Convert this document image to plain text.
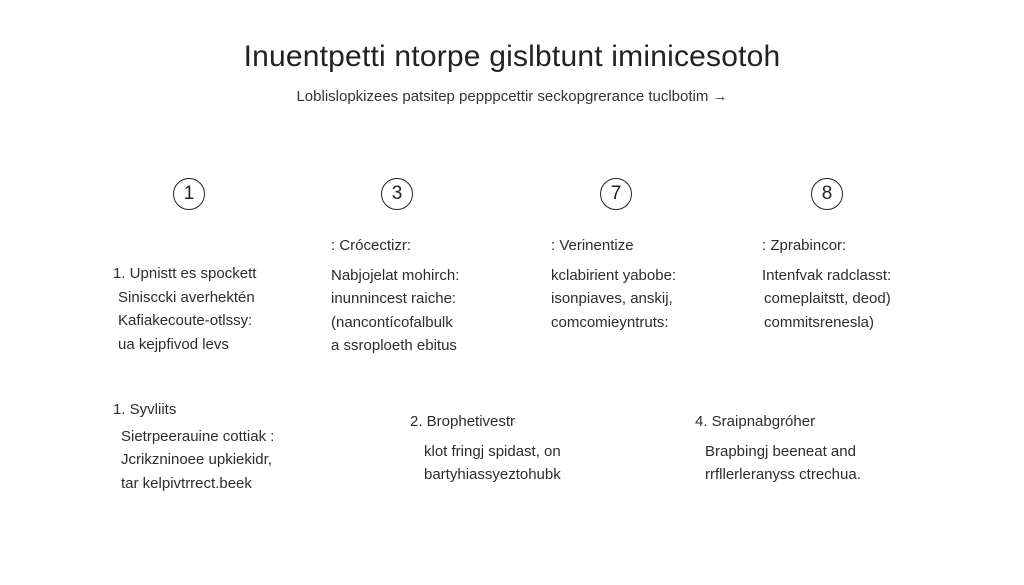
Inuentpetti ntorpe gislbtunt iminicesotoh
Loblislopkizees patsitep pepppcettir seckopgrerance tuclbotim →
1	3	7	8
1. Upnistt es spockett
Sinisccki averhektén
Kafiakecoute-otlssy:
ua kejpfivod levs
: Crócectizr:
Nabjojelat mohirch:
inunnincest raiche:
(nancontícofalbulk
a ssroploeth ebitus
: Verinentize
kclabirient yabobe:
isonpiaves, anskij,
comcomieyntruts:
: Zprabincor:
Intenfvak radclasst:
comeplaitstt, deod)
commitsrenesla)
1. Syvliits
Sietrpeerauine cottiak :
Jcrikzninoee upkiekidr,
tar kelpivtrrect.beek
2. Brophetivestr
klot fringj spidast, on
bartyhiassyeztohubk
4. Sraipnabgróher
Brapbingj beeneat and
rrfllerleranyss ctrechua.
